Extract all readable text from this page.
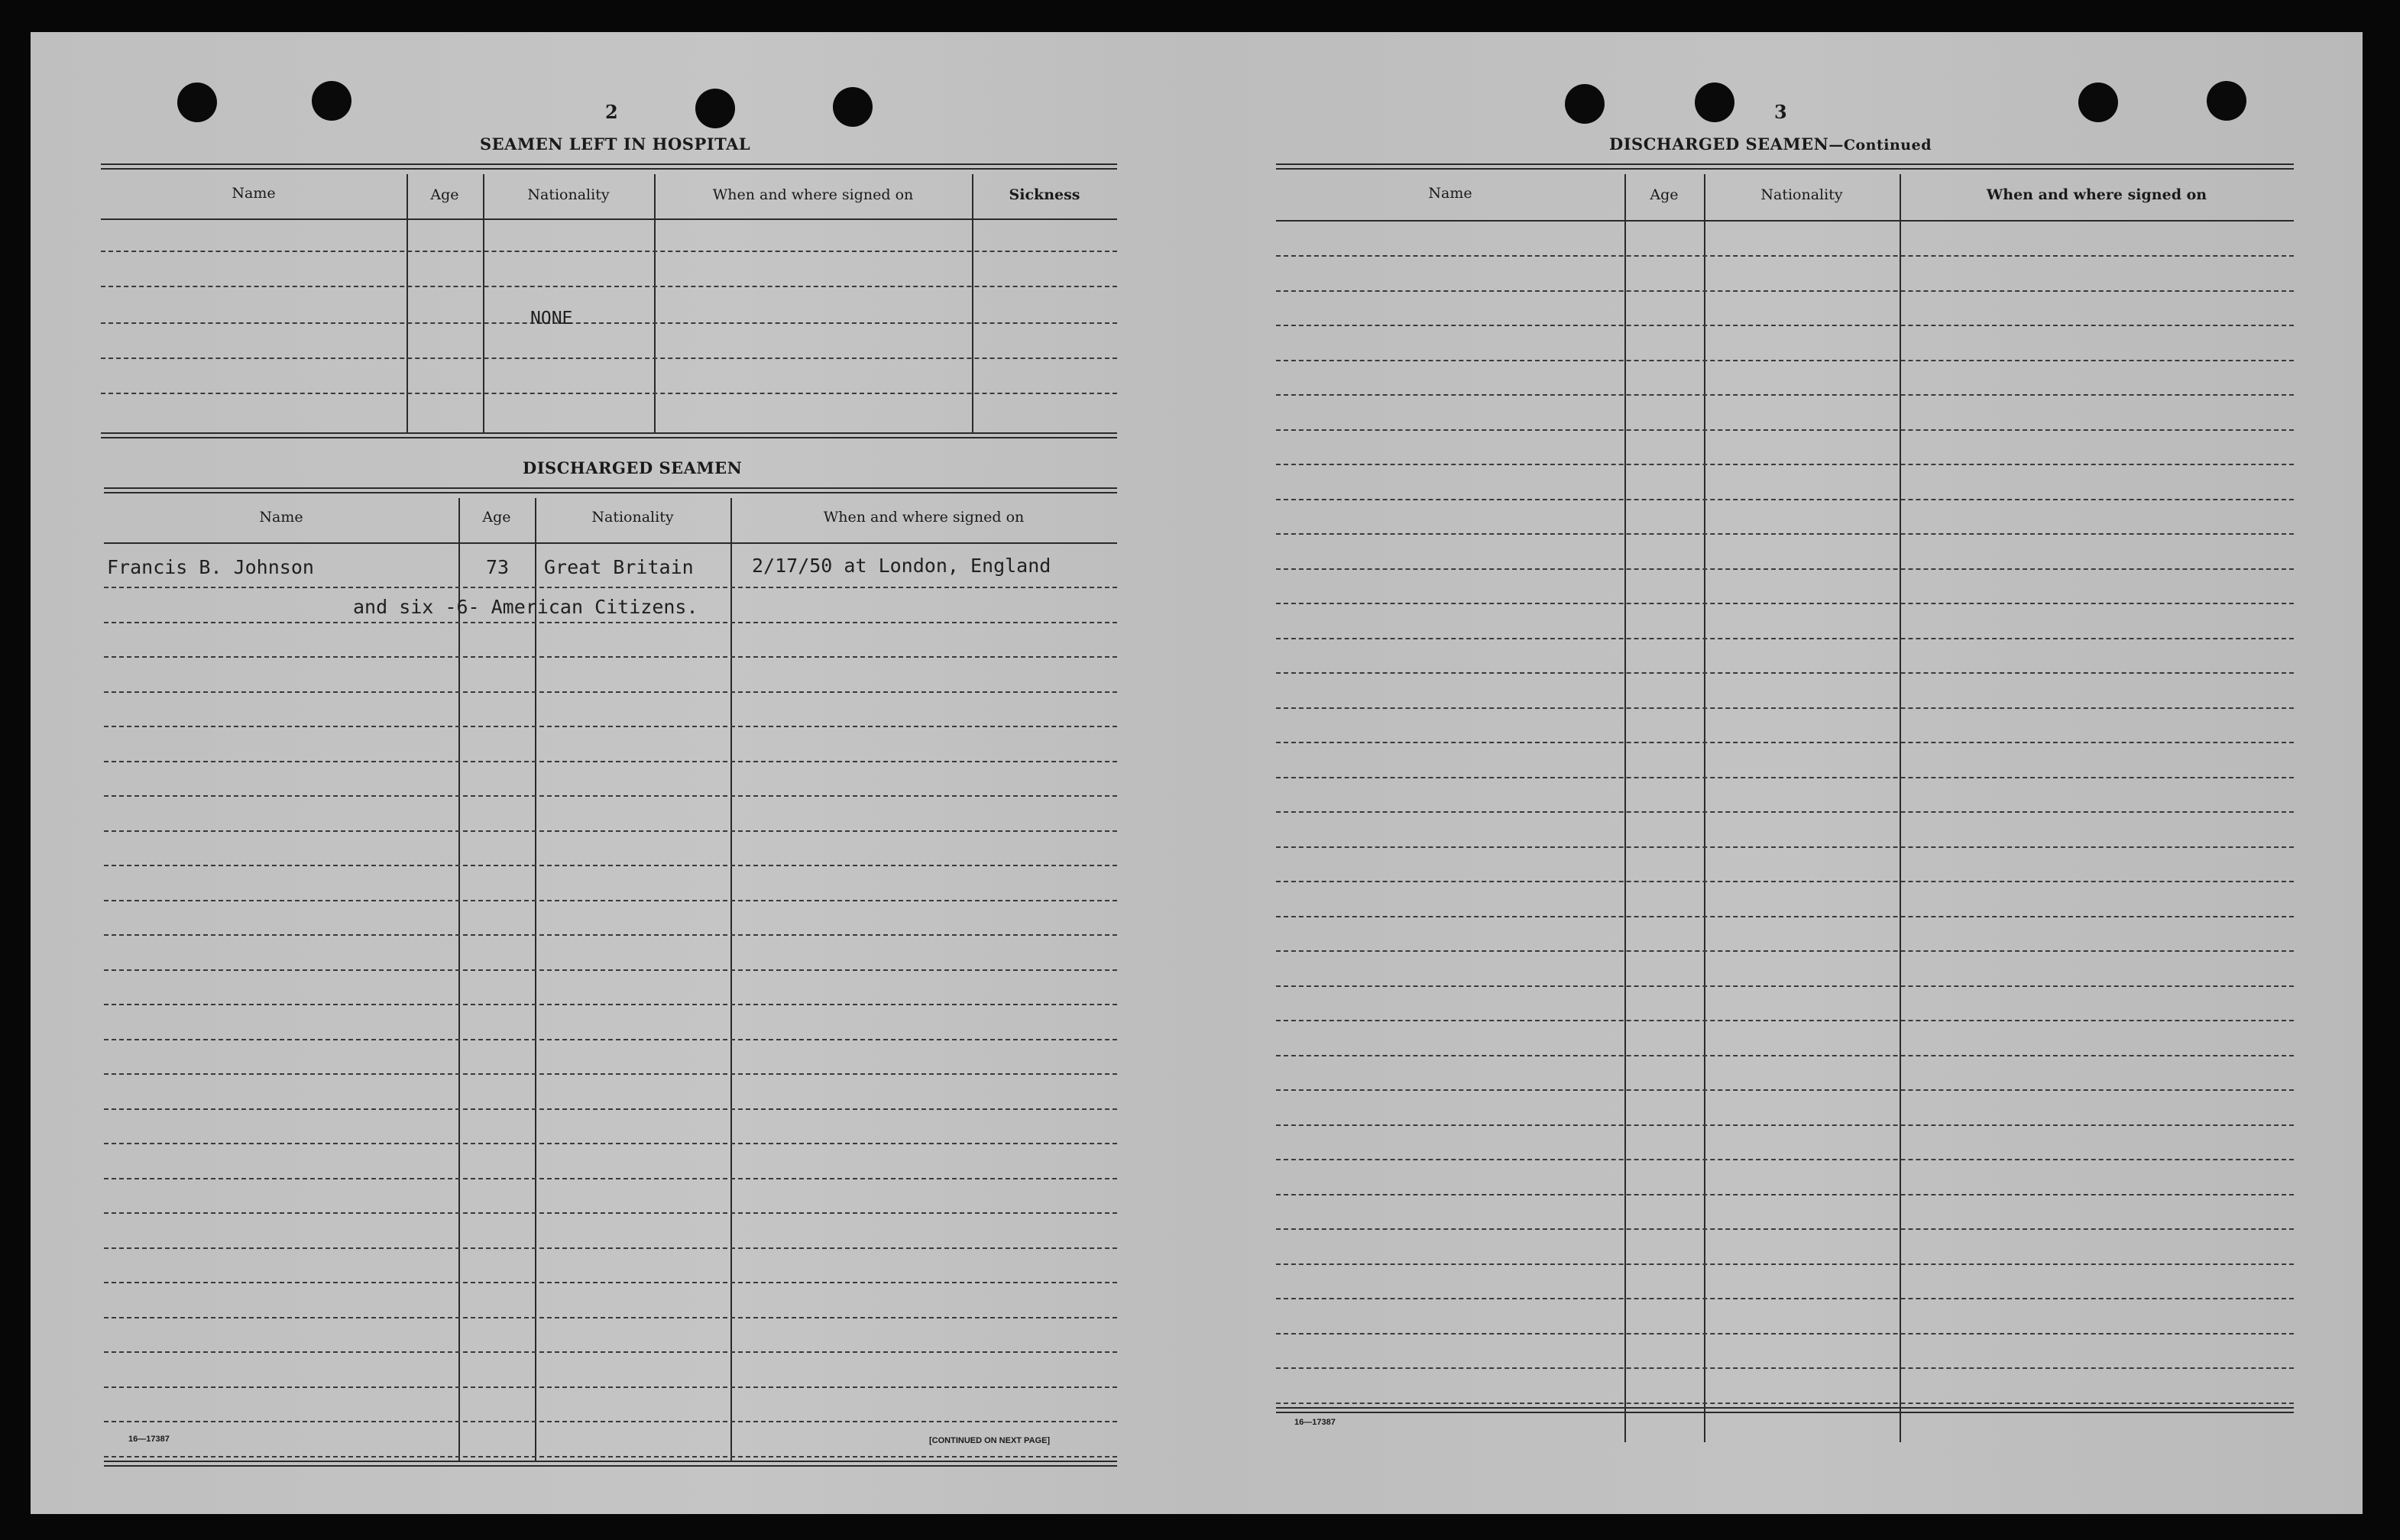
2
SEAMEN LEFT IN HOSPITAL
Name	Age	Nationality	When and where signed on	Sickness
NONE
DISCHARGED SEAMEN
Name	Age	Nationality	When and where signed on
Francis B. Johnson	73 Great Britain	2/17/50 at London, England
and six -6- American Citizens.
16—17387	[CONTINUED ON NEXT PAGE]
3
DISCHARGED SEAMEN—Continued
Name	Age	Nationality	When and where signed on
16—17387
